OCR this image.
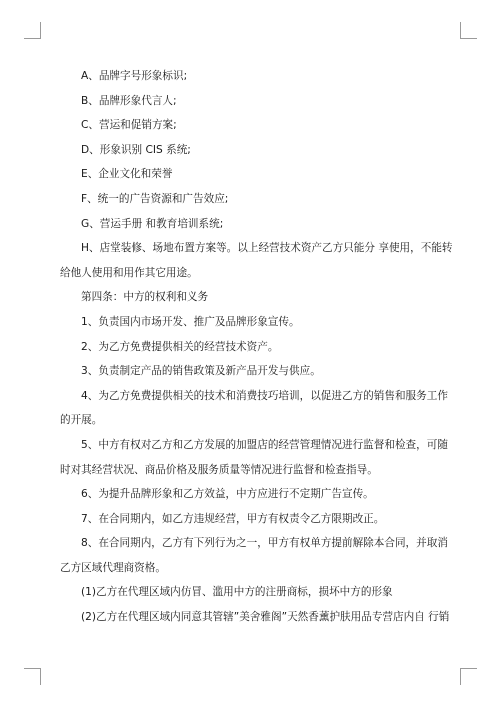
A、品牌字号形象标识;

B、品牌形象代言人;

C、营运和促销方案;

D、形象识别 CIS 系统;

E、企业文化和荣誉

F、统一的广告资源和广告效应;

G、营运手册 和教育培训系统;

H、店堂装修、场地布置方案等。以上经营技术资产乙方只能分 享使用，不能转

给他人使用和用作其它用途。

第四条：中方的权利和义务

1、负责国内市场开发、推广及品牌形象宣传。

2、为乙方免费提供相关的经营技术资产。

3、负责制定产品的销售政策及新产品开发与供应。

4、为乙方免费提供相关的技术和消费技巧培训，以促进乙方的销售和服务工作

的开展。

5、中方有权对乙方和乙方发展的加盟店的经营管理情况进行监督和检查，可随

时对其经营状况、商品价格及服务质量等情况进行监督和检查指导。

6、为提升品牌形象和乙方效益，中方应进行不定期广告宣传。

7、在合同期内，如乙方违规经营，甲方有权责令乙方限期改正。

8、在合同期内，乙方有下列行为之一，甲方有权单方提前解除本合同，并取消

乙方区域代理商资格。

(1)乙方在代理区域内仿冒、滥用中方的注册商标，损坏中方的形象

(2)乙方在代理区域内同意其管辖”美舍雅阁”天然香薰护肤用品专营店内自 行销
